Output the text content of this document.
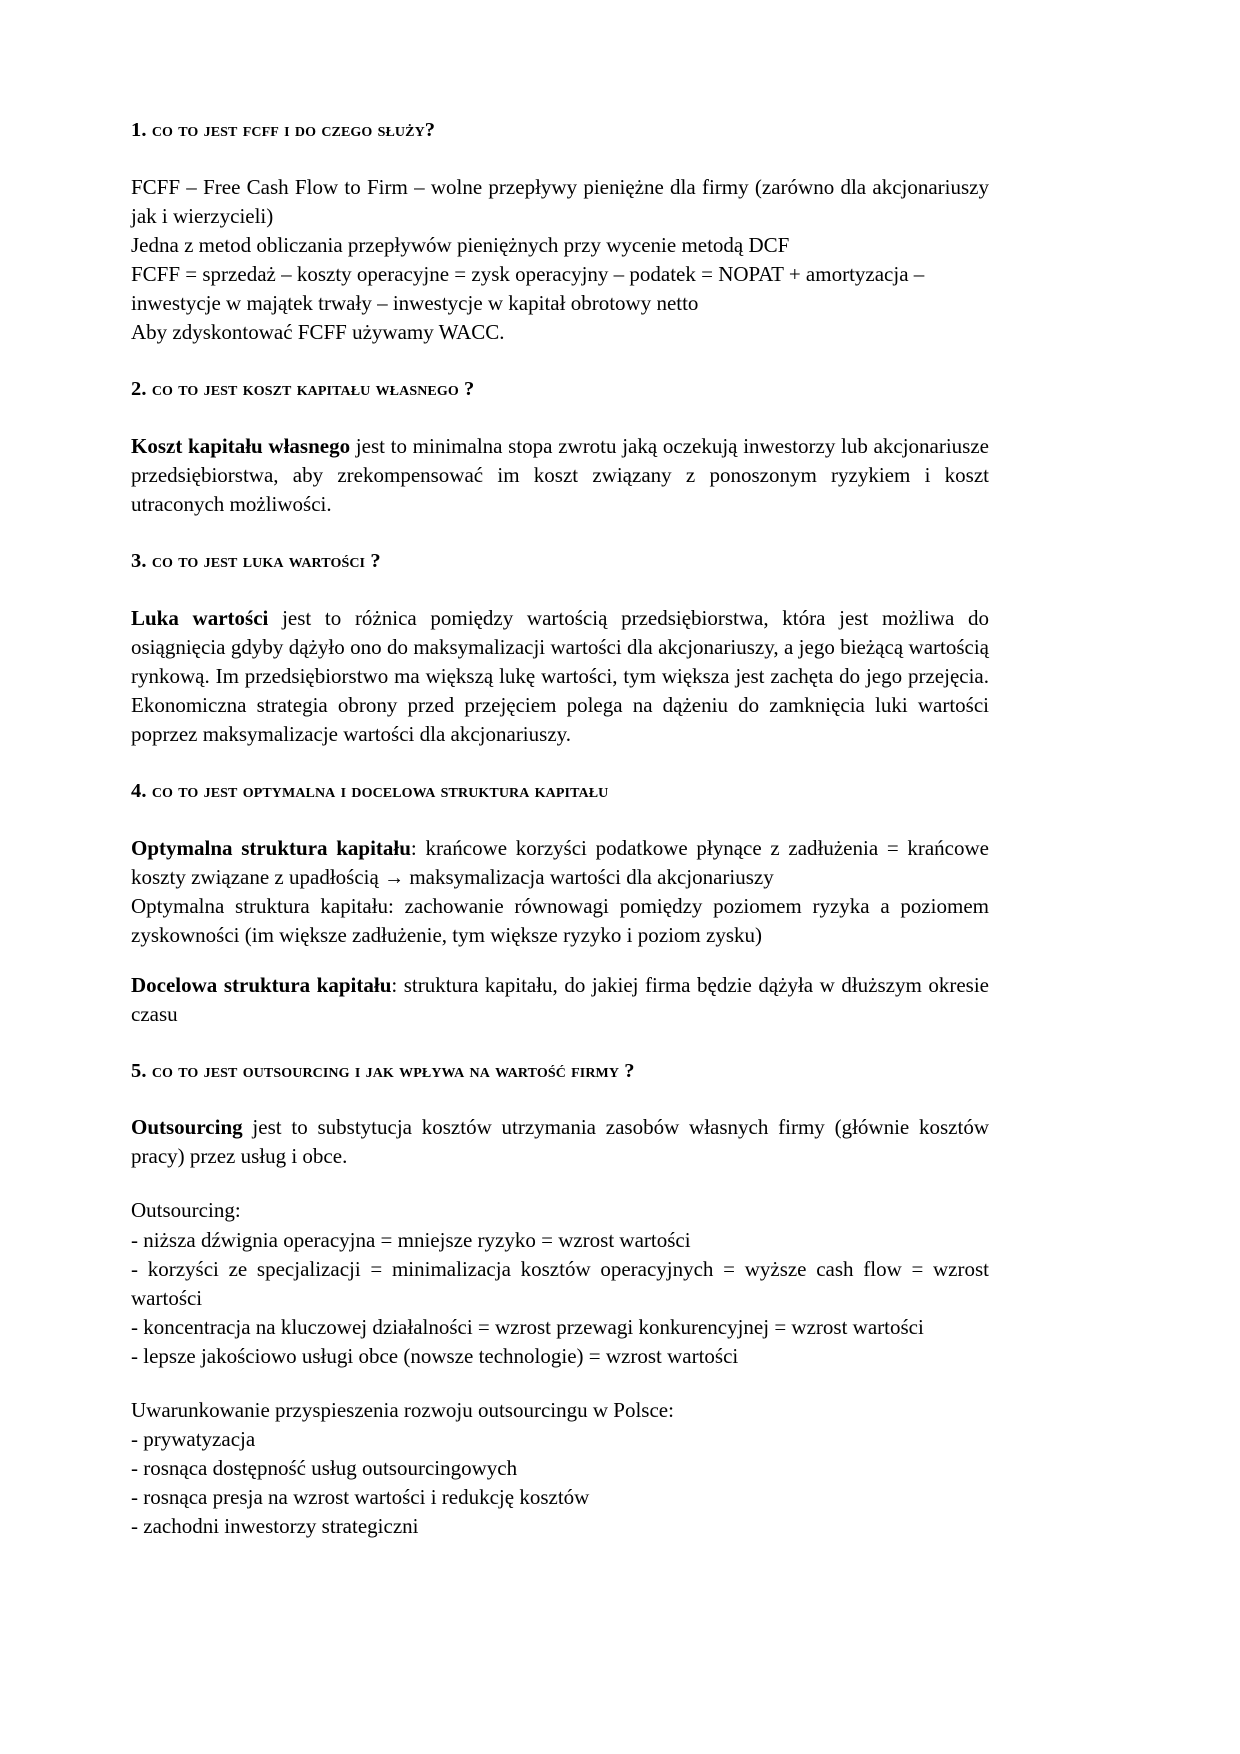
1. co to jest fcff i do czego służy?

FCFF – Free Cash Flow to Firm – wolne przepływy pieniężne dla firmy (zarówno dla akcjonariuszy jak i wierzycieli)

Jedna z metod obliczania przepływów pieniężnych przy wycenie metodą DCF

FCFF = sprzedaż – koszty operacyjne = zysk operacyjny – podatek = NOPAT + amortyzacja – inwestycje w majątek trwały – inwestycje w kapitał obrotowy netto

Aby zdyskontować FCFF używamy WACC.

2. co to jest koszt kapitału własnego ?

Koszt kapitału własnego jest to minimalna stopa zwrotu jaką oczekują inwestorzy lub akcjonariusze przedsiębiorstwa, aby zrekompensować im koszt związany z ponoszonym ryzykiem i koszt utraconych możliwości.

3. co to jest luka wartości ?

Luka wartości jest to różnica pomiędzy wartością przedsiębiorstwa, która jest możliwa do osiągnięcia gdyby dążyło ono do maksymalizacji wartości dla akcjonariuszy, a jego bieżącą wartością rynkową. Im przedsiębiorstwo ma większą lukę wartości, tym większa jest zachęta do jego przejęcia. Ekonomiczna strategia obrony przed przejęciem polega na dążeniu do zamknięcia luki wartości poprzez maksymalizacje wartości dla akcjonariuszy.

4. co to jest optymalna i docelowa struktura kapitału

Optymalna struktura kapitału: krańcowe korzyści podatkowe płynące z zadłużenia = krańcowe koszty związane z upadłością → maksymalizacja wartości dla akcjonariuszy

Optymalna struktura kapitału: zachowanie równowagi pomiędzy poziomem ryzyka a poziomem zyskowności (im większe zadłużenie, tym większe ryzyko i poziom zysku)

Docelowa struktura kapitału: struktura kapitału, do jakiej firma będzie dążyła w dłuższym okresie czasu

5. co to jest outsourcing i jak wpływa na wartość firmy ?

Outsourcing jest to substytucja kosztów utrzymania zasobów własnych firmy (głównie kosztów pracy) przez usług i obce.

Outsourcing:

- niższa dźwignia operacyjna = mniejsze ryzyko = wzrost wartości

- korzyści ze specjalizacji = minimalizacja kosztów operacyjnych = wyższe cash flow = wzrost wartości

- koncentracja na kluczowej działalności = wzrost przewagi konkurencyjnej = wzrost wartości

- lepsze jakościowo usługi obce (nowsze technologie) = wzrost wartości

Uwarunkowanie przyspieszenia rozwoju outsourcingu w Polsce:

- prywatyzacja

- rosnąca dostępność usług outsourcingowych

- rosnąca presja na wzrost wartości i redukcję kosztów

- zachodni inwestorzy strategiczni
